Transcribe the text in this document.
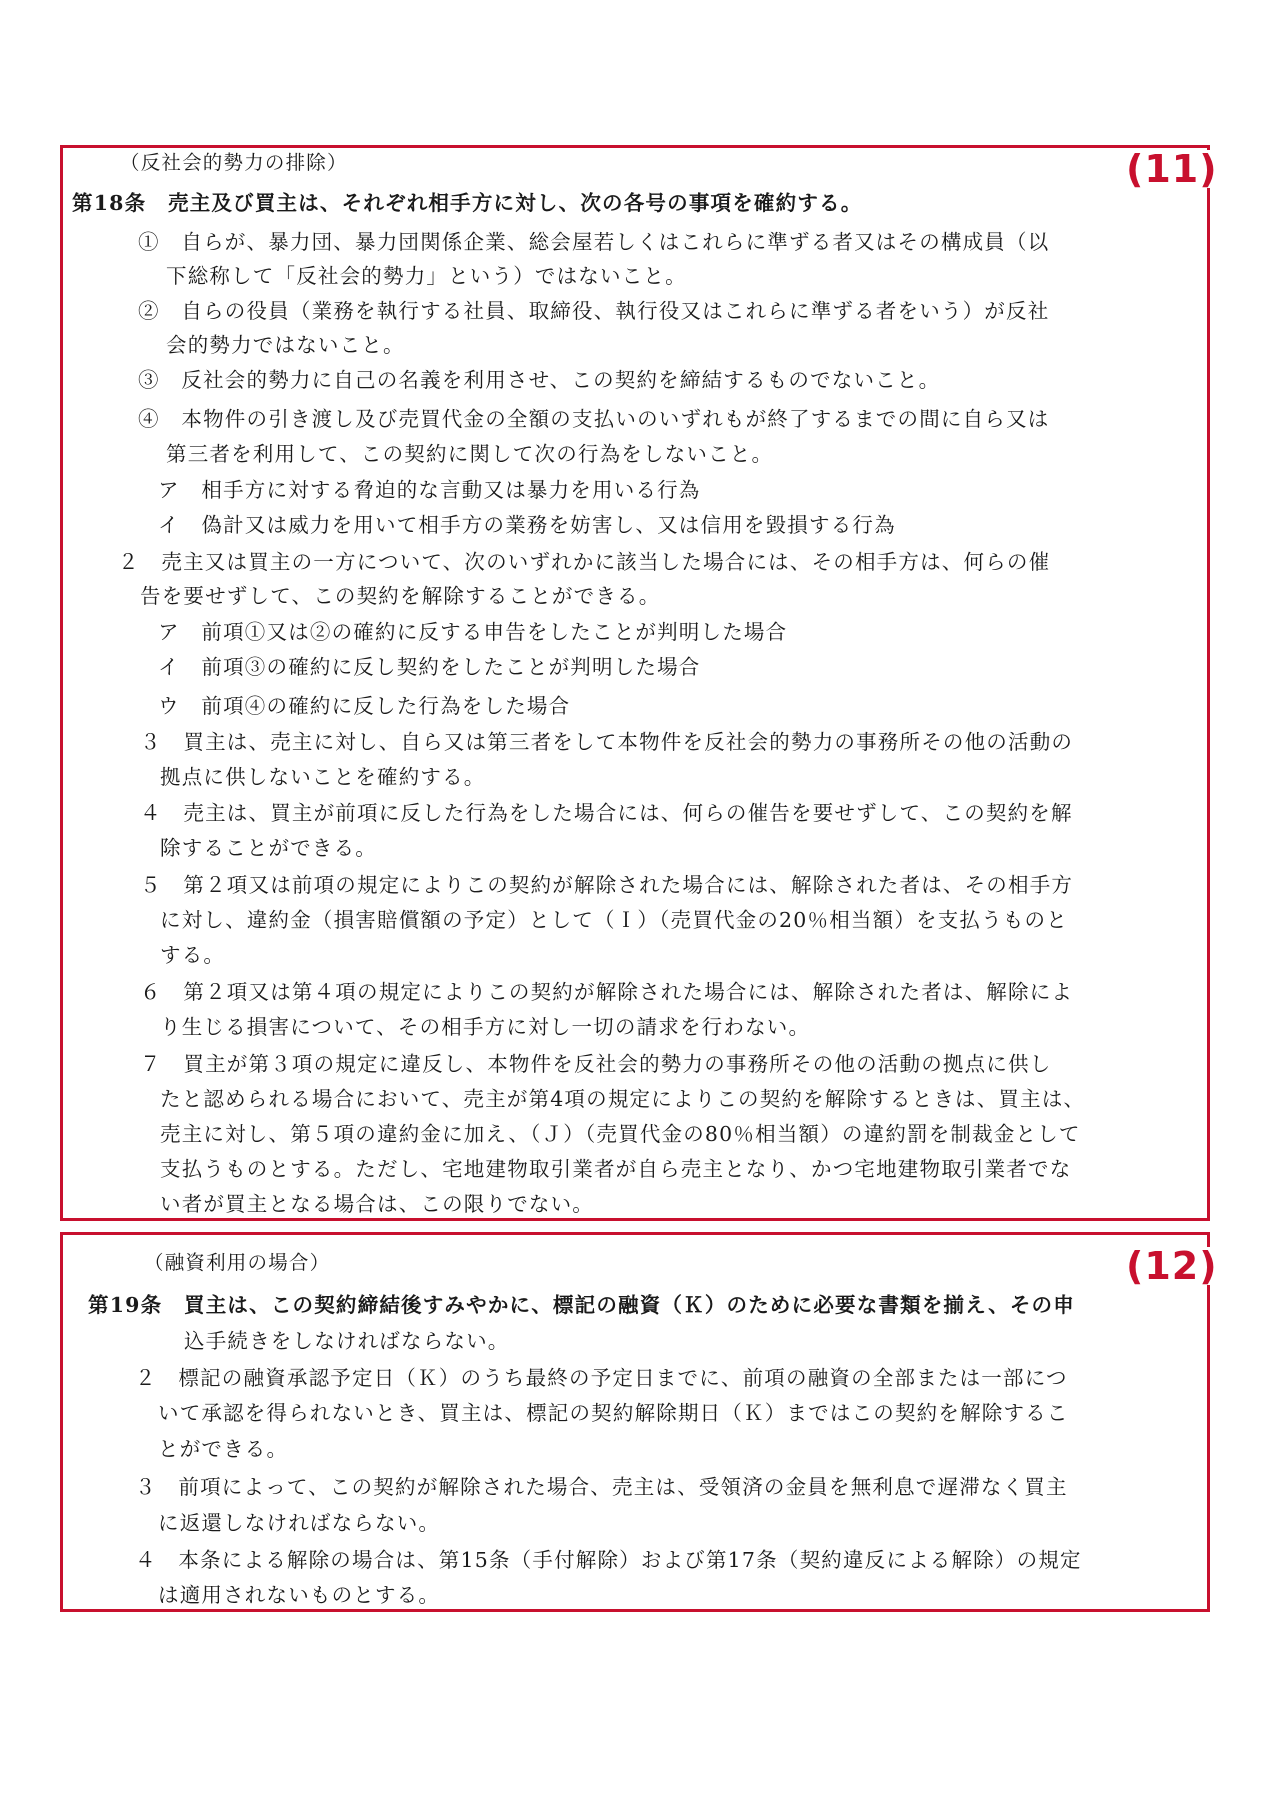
(11)
（反社会的勢力の排除）
第18条　売主及び買主は、それぞれ相手方に対し、次の各号の事項を確約する。
①　自らが、暴力団、暴力団関係企業、総会屋若しくはこれらに準ずる者又はその構成員（以
下総称して「反社会的勢力」という）ではないこと。
②　自らの役員（業務を執行する社員、取締役、執行役又はこれらに準ずる者をいう）が反社
会的勢力ではないこと。
③　反社会的勢力に自己の名義を利用させ、この契約を締結するものでないこと。
④　本物件の引き渡し及び売買代金の全額の支払いのいずれもが終了するまでの間に自ら又は
第三者を利用して、この契約に関して次の行為をしないこと。
ア　相手方に対する脅迫的な言動又は暴力を用いる行為
イ　偽計又は威力を用いて相手方の業務を妨害し、又は信用を毀損する行為
２　売主又は買主の一方について、次のいずれかに該当した場合には、その相手方は、何らの催
告を要せずして、この契約を解除することができる。
ア　前項①又は②の確約に反する申告をしたことが判明した場合
イ　前項③の確約に反し契約をしたことが判明した場合
ウ　前項④の確約に反した行為をした場合
３　買主は、売主に対し、自ら又は第三者をして本物件を反社会的勢力の事務所その他の活動の
拠点に供しないことを確約する。
４　売主は、買主が前項に反した行為をした場合には、何らの催告を要せずして、この契約を解
除することができる。
５　第２項又は前項の規定によりこの契約が解除された場合には、解除された者は、その相手方
に対し、違約金（損害賠償額の予定）として（Ｉ）（売買代金の20％相当額）を支払うものと
する。
６　第２項又は第４項の規定によりこの契約が解除された場合には、解除された者は、解除によ
り生じる損害について、その相手方に対し一切の請求を行わない。
７　買主が第３項の規定に違反し、本物件を反社会的勢力の事務所その他の活動の拠点に供し
たと認められる場合において、売主が第4項の規定によりこの契約を解除するときは、買主は、
売主に対し、第５項の違約金に加え、（Ｊ）（売買代金の80％相当額）の違約罰を制裁金として
支払うものとする。ただし、宅地建物取引業者が自ら売主となり、かつ宅地建物取引業者でな
い者が買主となる場合は、この限りでない。
(12)
（融資利用の場合）
第19条　買主は、この契約締結後すみやかに、標記の融資（Ｋ）のために必要な書類を揃え、その申
込手続きをしなければならない。
２　標記の融資承認予定日（Ｋ）のうち最終の予定日までに、前項の融資の全部または一部につ
いて承認を得られないとき、買主は、標記の契約解除期日（Ｋ）まではこの契約を解除するこ
とができる。
３　前項によって、この契約が解除された場合、売主は、受領済の金員を無利息で遅滞なく買主
に返還しなければならない。
４　本条による解除の場合は、第15条（手付解除）および第17条（契約違反による解除）の規定
は適用されないものとする。
